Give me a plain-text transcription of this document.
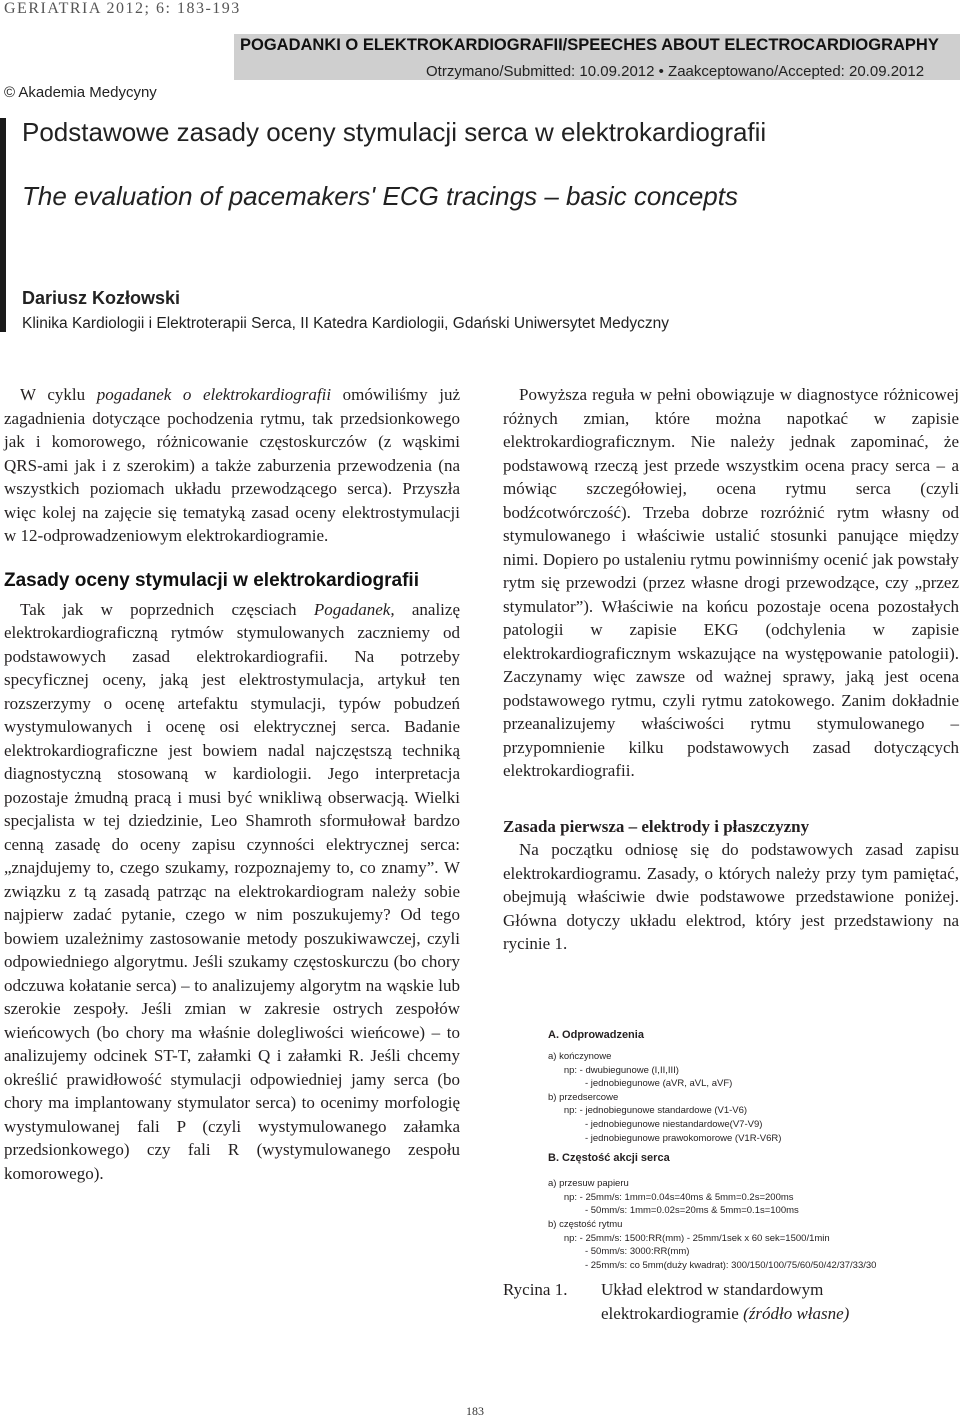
GERIATRIA 2012; 6: 183-193
POGADANKI O ELEKTROKARDIOGRAFII/SPEECHES ABOUT ELECTROCARDIOGRAPHY
Otrzymano/Submitted: 10.09.2012 • Zaakceptowano/Accepted: 20.09.2012
© Akademia Medycyny
Podstawowe zasady oceny stymulacji serca w elektrokardiografii
The evaluation of pacemakers' ECG tracings – basic concepts
Dariusz Kozłowski
Klinika Kardiologii i Elektroterapii Serca, II Katedra Kardiologii, Gdański Uniwersytet Medyczny

W cyklu pogadanek o elektrokardiografii omówiliśmy już zagadnienia dotyczące pochodzenia rytmu, tak przedsionkowego jak i komorowego, różnicowanie częstoskurczów (z wąskimi QRS-ami jak i z szerokim) a także zaburzenia przewodzenia (na wszystkich poziomach układu przewodzącego serca). Przyszła więc kolej na zajęcie się tematyką zasad oceny elektrostymulacji w 12-odprowadzeniowym elektrokardiogramie.

Zasady oceny stymulacji w elektrokardiografii

Tak jak w poprzednich częsciach Pogadanek, analizę elektrokardiograficzną rytmów stymulowanych zaczniemy od podstawowych zasad elektrokardiografii. Na potrzeby specyficznej oceny, jaką jest elektrostymulacja, artykuł ten rozszerzymy o ocenę artefaktu stymulacji, typów pobudzeń wystymulowanych i ocenę osi elektrycznej serca. Badanie elektrokardiograficzne jest bowiem nadal najczęstszą techniką diagnostyczną stosowaną w kardiologii. Jego interpretacja pozostaje żmudną pracą i musi być wnikliwą obserwacją. Wielki specjalista w tej dziedzinie, Leo Shamroth sformułował bardzo cenną zasadę do oceny zapisu czynności elektrycznej serca: „znajdujemy to, czego szukamy, rozpoznajemy to, co znamy”. W związku z tą zasadą patrząc na elektrokardiogram należy sobie najpierw zadać pytanie, czego w nim poszukujemy? Od tego bowiem uzależnimy zastosowanie metody poszukiwawczej, czyli odpowiedniego algorytmu. Jeśli szukamy częstoskurczu (bo chory odczuwa kołatanie serca) – to analizujemy algorytm na wąskie lub szerokie zespoły. Jeśli zmian w zakresie ostrych zespołów wieńcowych (bo chory ma właśnie dolegliwości wieńcowe) – to analizujemy odcinek ST-T, załamki Q i załamki R. Jeśli chcemy określić prawidłowość stymulacji odpowiedniej jamy serca (bo chory ma implantowany stymulator serca) to ocenimy morfologię wystymulowanej fali P (czyli wystymulowanego załamka przedsionkowego) czy fali R (wystymulowanego zespołu komorowego).

Powyższa reguła w pełni obowiązuje w diagnostyce różnicowej różnych zmian, które można napotkać w zapisie elektrokardiograficznym. Nie należy jednak zapominać, że podstawową rzeczą jest przede wszystkim ocena pracy serca – a mówiąc szczegółowiej, ocena rytmu serca (czyli bodźcotwórczość). Trzeba dobrze rozróżnić rytm własny od stymulowanego i właściwie ustalić stosunki panujące między nimi. Dopiero po ustaleniu rytmu powinniśmy ocenić jak powstały rytm się przewodzi (przez własne drogi przewodzące, czy „przez stymulator”). Właściwie na końcu pozostaje ocena pozostałych patologii w zapisie EKG (odchylenia w zapisie elektrokardiograficznym wskazujące na występowanie patologii). Zaczynamy więc zawsze od ważnej sprawy, jaką jest ocena podstawowego rytmu, czyli rytmu zatokowego. Zanim dokładnie przeanalizujemy właściwości rytmu stymulowanego – przypomnienie kilku podstawowych zasad dotyczących elektrokardiografii.

Zasada pierwsza – elektrody i płaszczyzny

Na początku odniosę się do podstawowych zasad zapisu elektrokardiogramu. Zasady, o których należy przy tym pamiętać, obejmują właściwie dwie podstawowe przedstawione poniżej. Główna dotyczy układu elektrod, który jest przedstawiony na rycinie 1.

A. Odprowadzenia
a) kończynowe
np: - dwubiegunowe (I,II,III)
- jednobiegunowe (aVR, aVL, aVF)
b) przedsercowe
np: - jednobiegunowe standardowe (V1-V6)
- jednobiegunowe niestandardowe(V7-V9)
- jednobiegunowe prawokomorowe (V1R-V6R)
B. Częstość akcji serca
a) przesuw papieru
np: - 25mm/s: 1mm=0.04s=40ms & 5mm=0.2s=200ms
- 50mm/s: 1mm=0.02s=20ms & 5mm=0.1s=100ms
b) częstość rytmu
np: - 25mm/s: 1500:RR(mm) - 25mm/1sek x 60 sek=1500/1min
- 50mm/s: 3000:RR(mm)
- 25mm/s: co 5mm(duży kwadrat): 300/150/100/75/60/50/42/37/33/30
Rycina 1. Układ elektrod w standardowym elektrokardiogramie (źródło własne)
183
